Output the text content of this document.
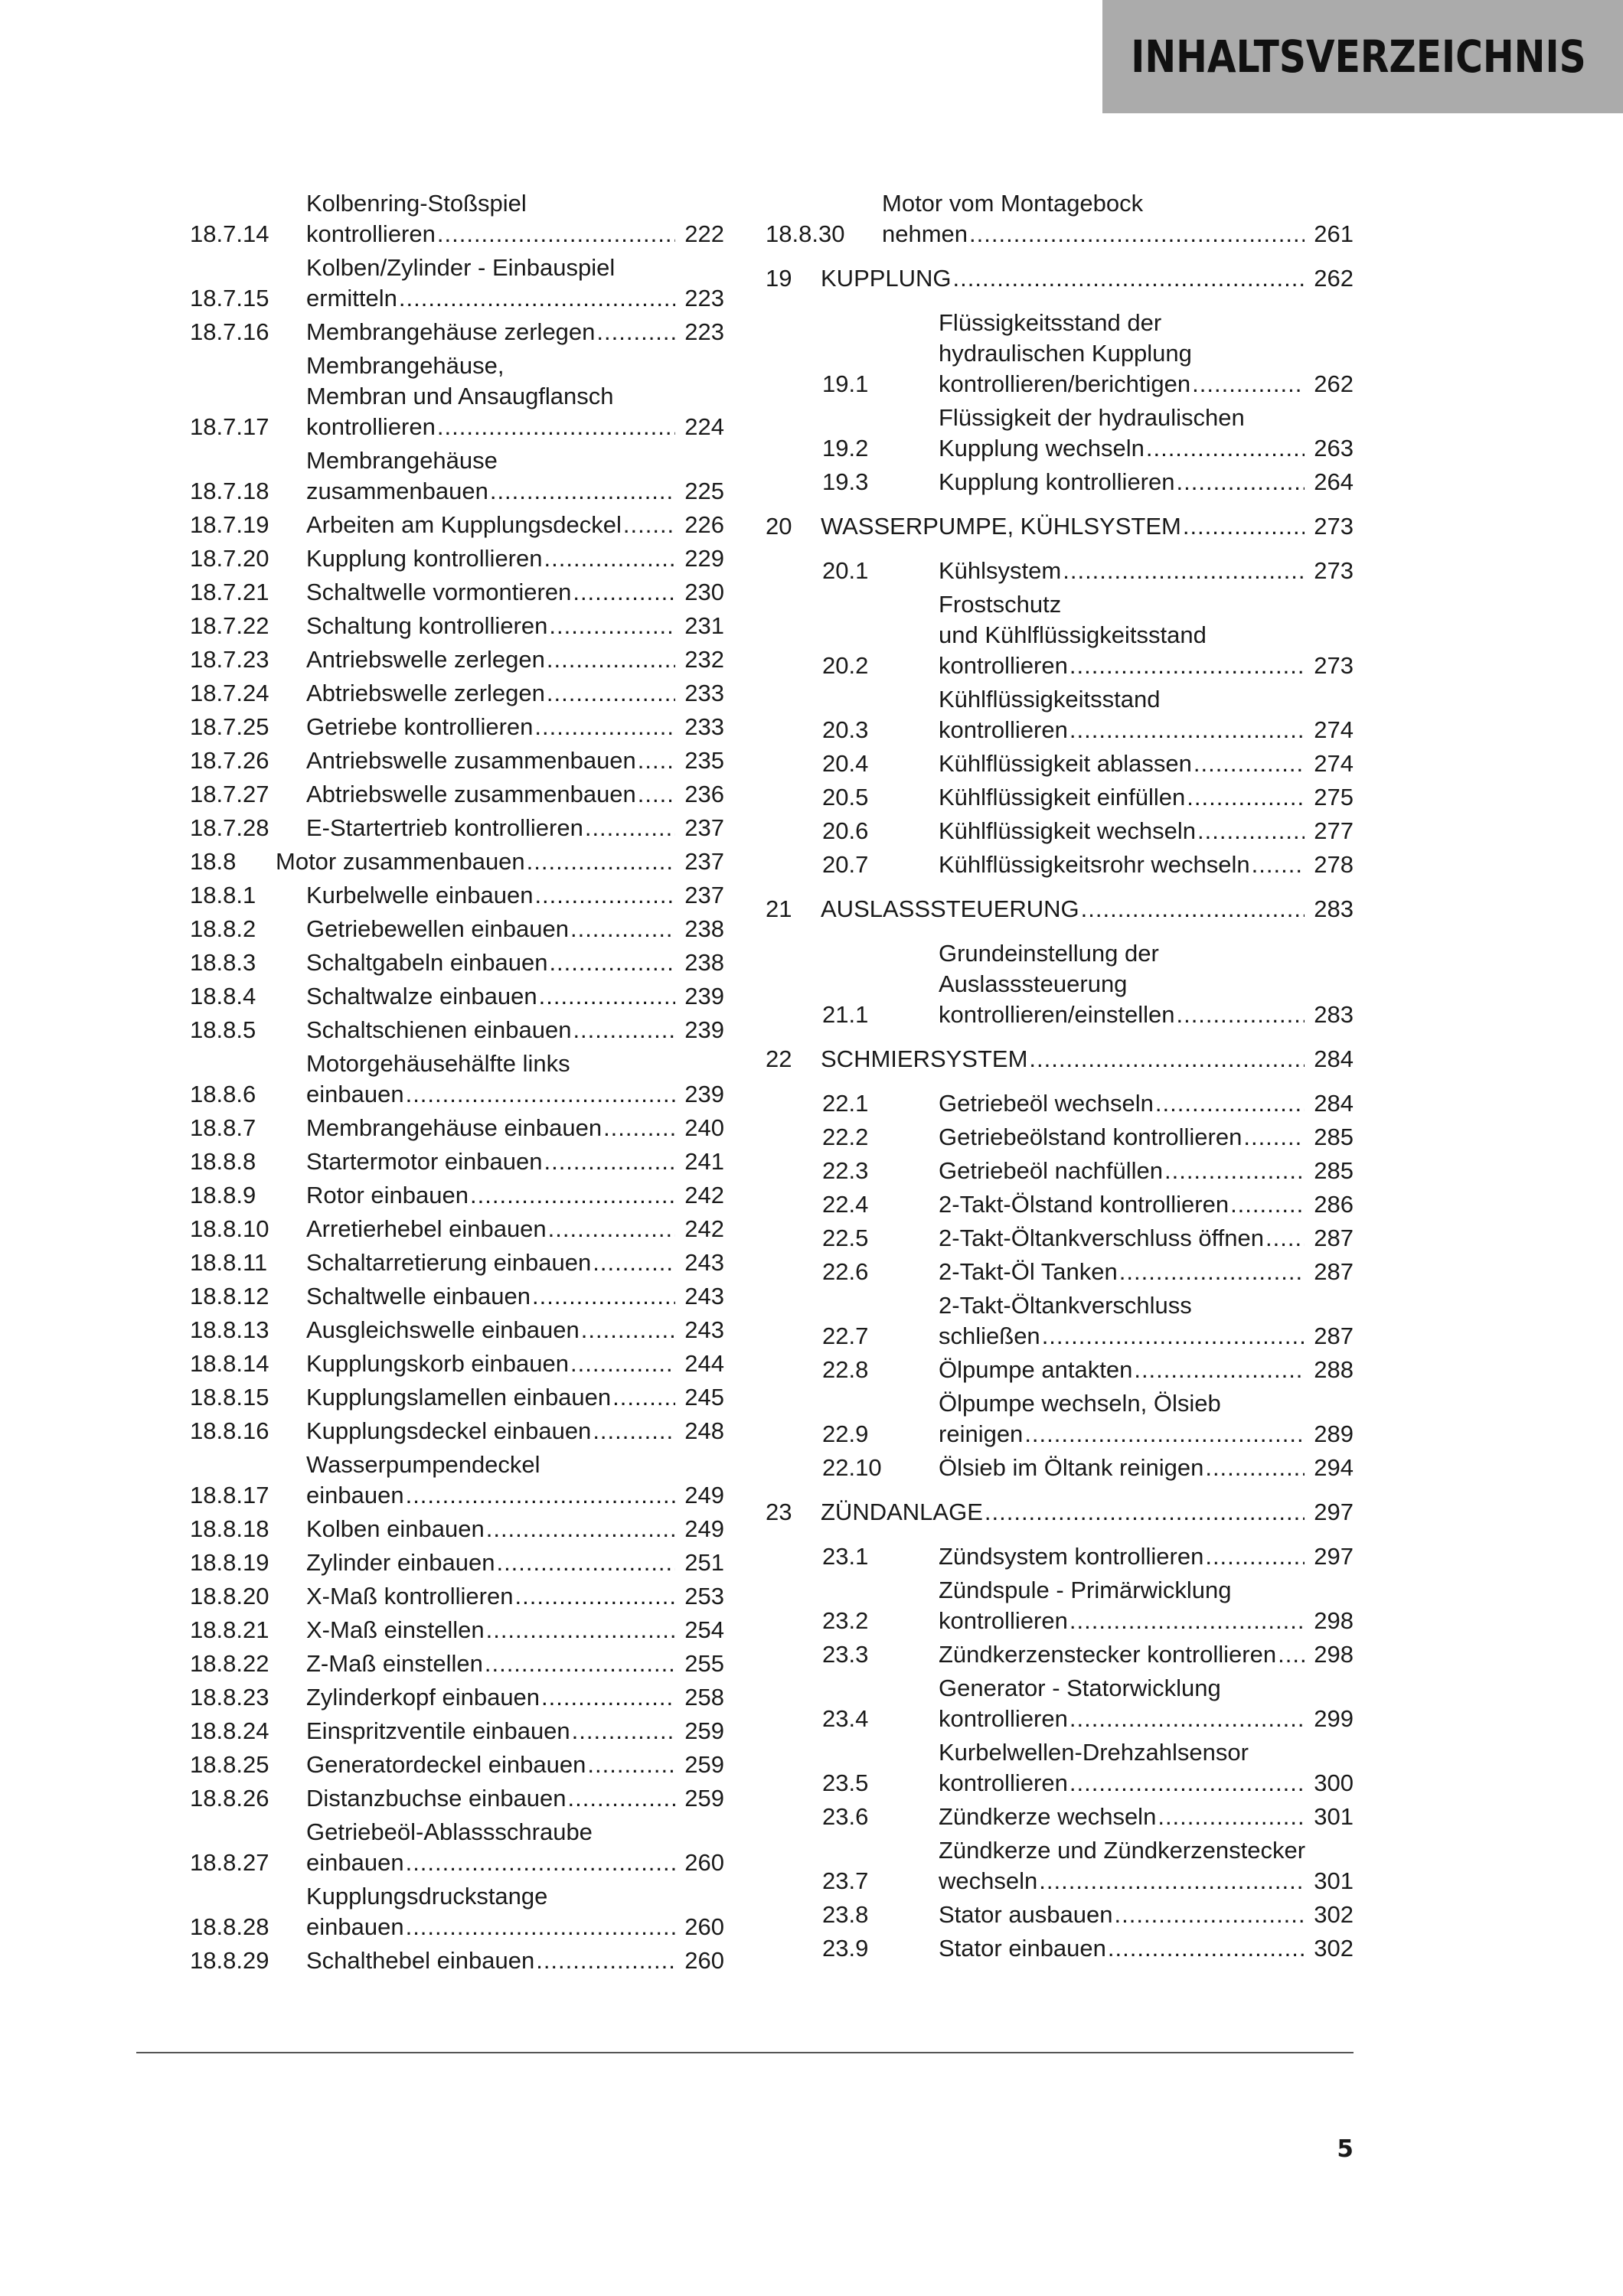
INHALTSVERZEICHNIS
18.7.14
Kolbenring-Stoßspiel
kontrollieren .....	222
18.7.15
Kolben/Zylinder - Einbauspiel
ermitteln .....	223
18.7.16	Membrangehäuse zerlegen .....	223
18.7.17
Membrangehäuse,
Membran und Ansaugflansch
kontrollieren .....	224
18.7.18
Membrangehäuse
zusammenbauen .....	225
18.7.19	Arbeiten am Kupplungsdeckel .....	226
18.7.20	Kupplung kontrollieren .....	229
18.7.21	Schaltwelle vormontieren .....	230
18.7.22	Schaltung kontrollieren .....	231
18.7.23	Antriebswelle zerlegen .....	232
18.7.24	Abtriebswelle zerlegen .....	233
18.7.25	Getriebe kontrollieren .....	233
18.7.26	Antriebswelle zusammenbauen ..... 235
18.7.27	Abtriebswelle zusammenbauen ..... 236
18.7.28	E-Startertrieb kontrollieren .....	237
18.8	Motor zusammenbauen .....	237
18.8.1	Kurbelwelle einbauen .....	237
18.8.2	Getriebewellen einbauen .....	238
18.8.3	Schaltgabeln einbauen .....	238
18.8.4	Schaltwalze einbauen .....	239
18.8.5	Schaltschienen einbauen .....	239
18.8.6
Motorgehäusehälfte links
einbauen .....	239
18.8.7	Membrangehäuse einbauen .....	240
18.8.8	Startermotor einbauen .....	241
18.8.9	Rotor einbauen .....	242
18.8.10	Arretierhebel einbauen .....	242
18.8.11	Schaltarretierung einbauen .....	243
18.8.12	Schaltwelle einbauen .....	243
18.8.13	Ausgleichswelle einbauen .....	243
18.8.14	Kupplungskorb einbauen .....	244
18.8.15	Kupplungslamellen einbauen .....	245
18.8.16	Kupplungsdeckel einbauen .....	248
18.8.17
Wasserpumpendeckel
einbauen .....	249
18.8.18	Kolben einbauen .....	249
18.8.19	Zylinder einbauen .....	251
18.8.20	X-Maß kontrollieren .....	253
18.8.21	X-Maß einstellen .....	254
18.8.22	Z-Maß einstellen .....	255
18.8.23	Zylinderkopf einbauen .....	258
18.8.24	Einspritzventile einbauen .....	259
18.8.25	Generatordeckel einbauen .....	259
18.8.26	Distanzbuchse einbauen .....	259
18.8.27
Getriebeöl-Ablassschraube
einbauen .....	260
18.8.28
Kupplungsdruckstange
einbauen .....	260
18.8.29	Schalthebel einbauen .....	260
18.8.30
Motor vom Montagebock
nehmen .....	261
19	KUPPLUNG .....	262
19.1
Flüssigkeitsstand der
hydraulischen Kupplung
kontrollieren/berichtigen .....	262
19.2
Flüssigkeit der hydraulischen
Kupplung wechseln .....	263
19.3	Kupplung kontrollieren .....	264
20	WASSERPUMPE, KÜHLSYSTEM .....	273
20.1	Kühlsystem .....	273
20.2
Frostschutz
und Kühlflüssigkeitsstand
kontrollieren .....	273
20.3
Kühlflüssigkeitsstand
kontrollieren .....	274
20.4	Kühlflüssigkeit ablassen .....	274
20.5	Kühlflüssigkeit einfüllen .....	275
20.6	Kühlflüssigkeit wechseln .....	277
20.7	Kühlflüssigkeitsrohr wechseln .....	278
21	AUSLASSSTEUERUNG .....	283
21.1
Grundeinstellung der
Auslasssteuerung
kontrollieren/einstellen .....	283
22	SCHMIERSYSTEM .....	284
22.1	Getriebeöl wechseln .....	284
22.2	Getriebeölstand kontrollieren .....	285
22.3	Getriebeöl nachfüllen .....	285
22.4	2-Takt-Ölstand kontrollieren .....	286
22.5	2-Takt-Öltankverschluss öffnen ..... 287
22.6	2-Takt-Öl Tanken .....	287
22.7
2-Takt-Öltankverschluss
schließen .....	287
22.8	Ölpumpe antakten .....	288
22.9
Ölpumpe wechseln, Ölsieb
reinigen .....	289
22.10	Ölsieb im Öltank reinigen .....	294
23	ZÜNDANLAGE .....	297
23.1	Zündsystem kontrollieren .....	297
23.2
Zündspule - Primärwicklung
kontrollieren .....	298
23.3	Zündkerzenstecker kontrollieren ..... 298
23.4
Generator - Statorwicklung
kontrollieren .....	299
23.5
Kurbelwellen-Drehzahlsensor
kontrollieren .....	300
23.6	Zündkerze wechseln .....	301
23.7
Zündkerze und Zündkerzenstecker
wechseln .....	301
23.8	Stator ausbauen .....	302
23.9	Stator einbauen .....	302
5
